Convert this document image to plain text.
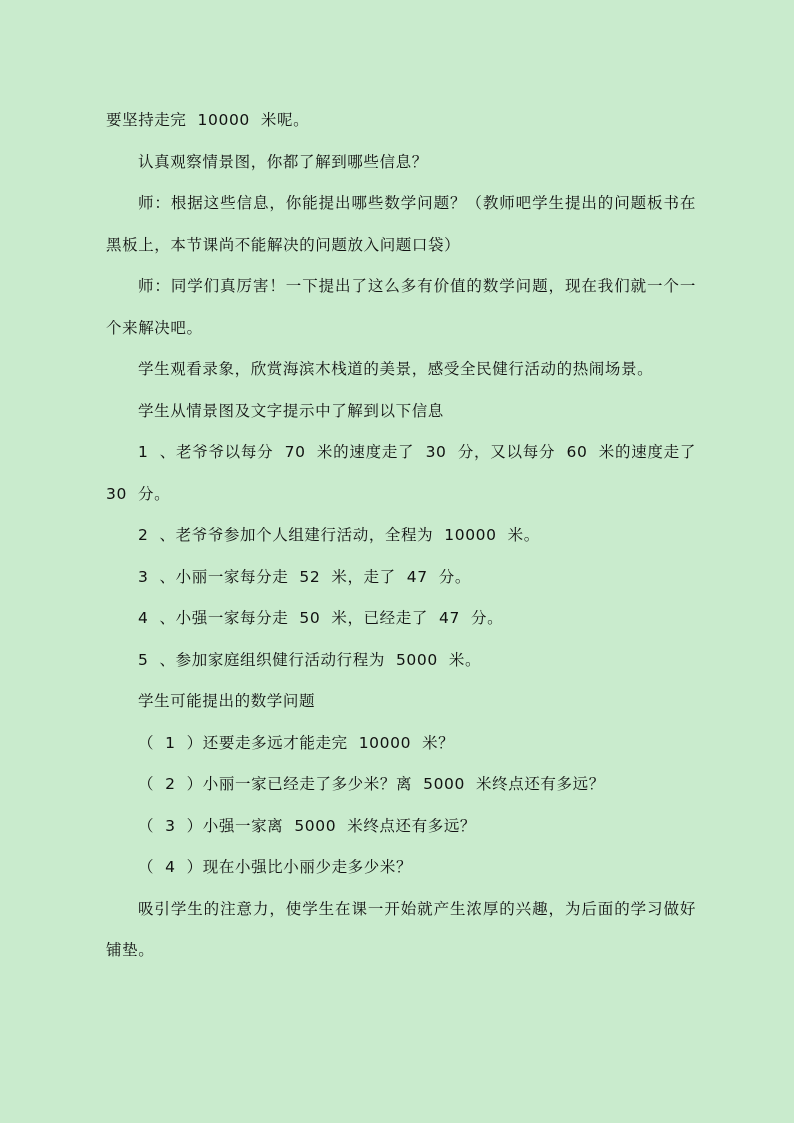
要坚持走完  10000  米呢。

认真观察情景图，你都了解到哪些信息？

师：根据这些信息，你能提出哪些数学问题？（教师吧学生提出的问题板书在黑板上，本节课尚不能解决的问题放入问题口袋）

师：同学们真厉害！一下提出了这么多有价值的数学问题，现在我们就一个一个来解决吧。

学生观看录象，欣赏海滨木栈道的美景，感受全民健行活动的热闹场景。

学生从情景图及文字提示中了解到以下信息

1  、老爷爷以每分  70  米的速度走了  30  分，又以每分  60  米的速度走了  30  分。

2  、老爷爷参加个人组建行活动，全程为  10000  米。

3  、小丽一家每分走  52  米，走了  47  分。

4  、小强一家每分走  50  米，已经走了  47  分。

5  、参加家庭组织健行活动行程为  5000  米。

学生可能提出的数学问题

（  1  ）还要走多远才能走完  10000  米？

（  2  ）小丽一家已经走了多少米？离  5000  米终点还有多远？

（  3  ）小强一家离  5000  米终点还有多远？

（  4  ）现在小强比小丽少走多少米？

吸引学生的注意力，使学生在课一开始就产生浓厚的兴趣，为后面的学习做好铺垫。
